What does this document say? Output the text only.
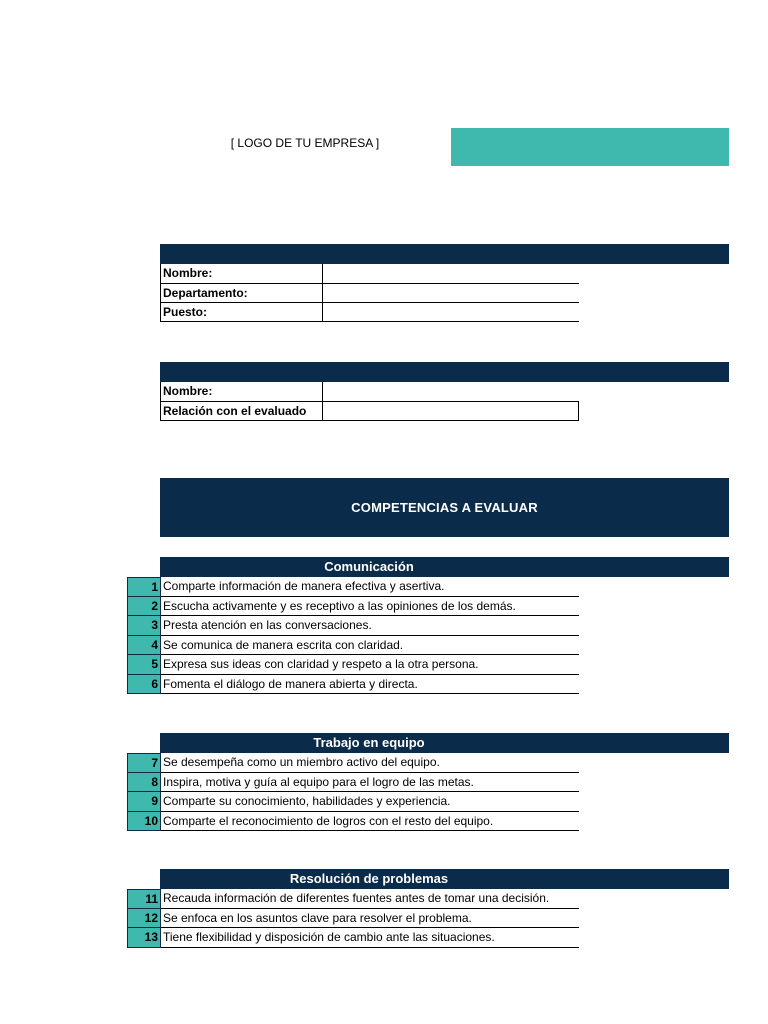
[ LOGO DE TU EMPRESA ]
Nombre:	
Departamento:	
Puesto:	
Nombre:	
Relación con el evaluado	
COMPETENCIAS A EVALUAR
Comunicación
1 Comparte información de manera efectiva y asertiva.
2 Escucha activamente y es receptivo a las opiniones de los demás.
3 Presta atención en las conversaciones.
4 Se comunica de manera escrita con claridad.
5 Expresa sus ideas con claridad y respeto a la otra persona.
6 Fomenta el diálogo de manera abierta y directa.
Trabajo en equipo
7 Se desempeña como un miembro activo del equipo.
8 Inspira, motiva y guía al equipo para el logro de las metas.
9 Comparte su conocimiento, habilidades y experiencia.
10 Comparte el reconocimiento de logros con el resto del equipo.
Resolución de problemas
11 Recauda información de diferentes fuentes antes de tomar una decisión.
12 Se enfoca en los asuntos clave para resolver el problema.
13 Tiene flexibilidad y disposición de cambio ante las situaciones.
